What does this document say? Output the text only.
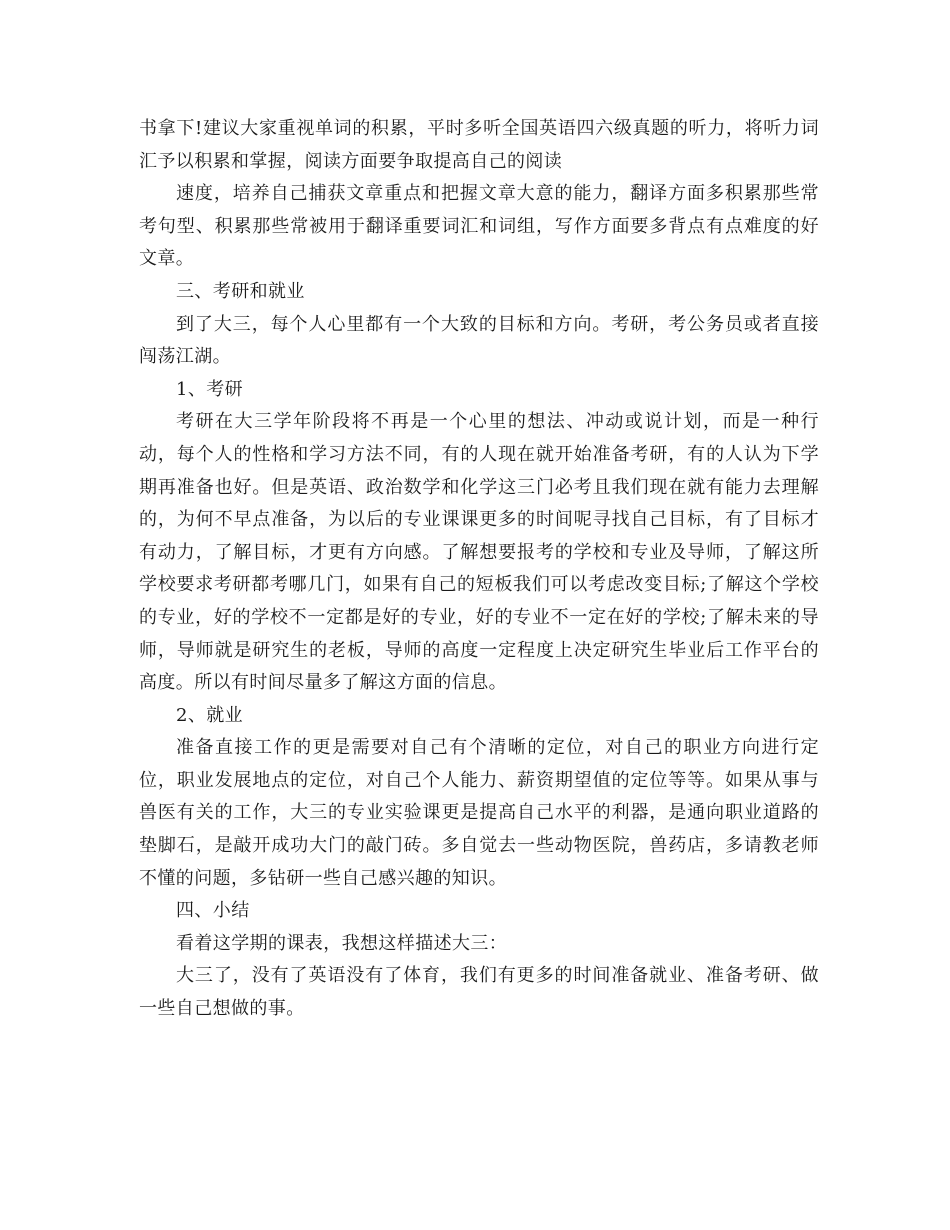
书拿下!建议大家重视单词的积累，平时多听全国英语四六级真题的听力，将听力词汇予以积累和掌握，阅读方面要争取提高自己的阅读

速度，培养自己捕获文章重点和把握文章大意的能力，翻译方面多积累那些常考句型、积累那些常被用于翻译重要词汇和词组，写作方面要多背点有点难度的好文章。

三、考研和就业

到了大三，每个人心里都有一个大致的目标和方向。考研，考公务员或者直接闯荡江湖。

1、考研

考研在大三学年阶段将不再是一个心里的想法、冲动或说计划，而是一种行动，每个人的性格和学习方法不同，有的人现在就开始准备考研，有的人认为下学期再准备也好。但是英语、政治数学和化学这三门必考且我们现在就有能力去理解的，为何不早点准备，为以后的专业课课更多的时间呢寻找自己目标，有了目标才有动力，了解目标，才更有方向感。了解想要报考的学校和专业及导师，了解这所学校要求考研都考哪几门，如果有自己的短板我们可以考虑改变目标;了解这个学校的专业，好的学校不一定都是好的专业，好的专业不一定在好的学校;了解未来的导师，导师就是研究生的老板，导师的高度一定程度上决定研究生毕业后工作平台的高度。所以有时间尽量多了解这方面的信息。

2、就业

准备直接工作的更是需要对自己有个清晰的定位，对自己的职业方向进行定位，职业发展地点的定位，对自己个人能力、薪资期望值的定位等等。如果从事与兽医有关的工作，大三的专业实验课更是提高自己水平的利器，是通向职业道路的垫脚石，是敲开成功大门的敲门砖。多自觉去一些动物医院，兽药店，多请教老师不懂的问题，多钻研一些自己感兴趣的知识。

四、小结

看着这学期的课表，我想这样描述大三：

大三了，没有了英语没有了体育，我们有更多的时间准备就业、准备考研、做一些自己想做的事。
